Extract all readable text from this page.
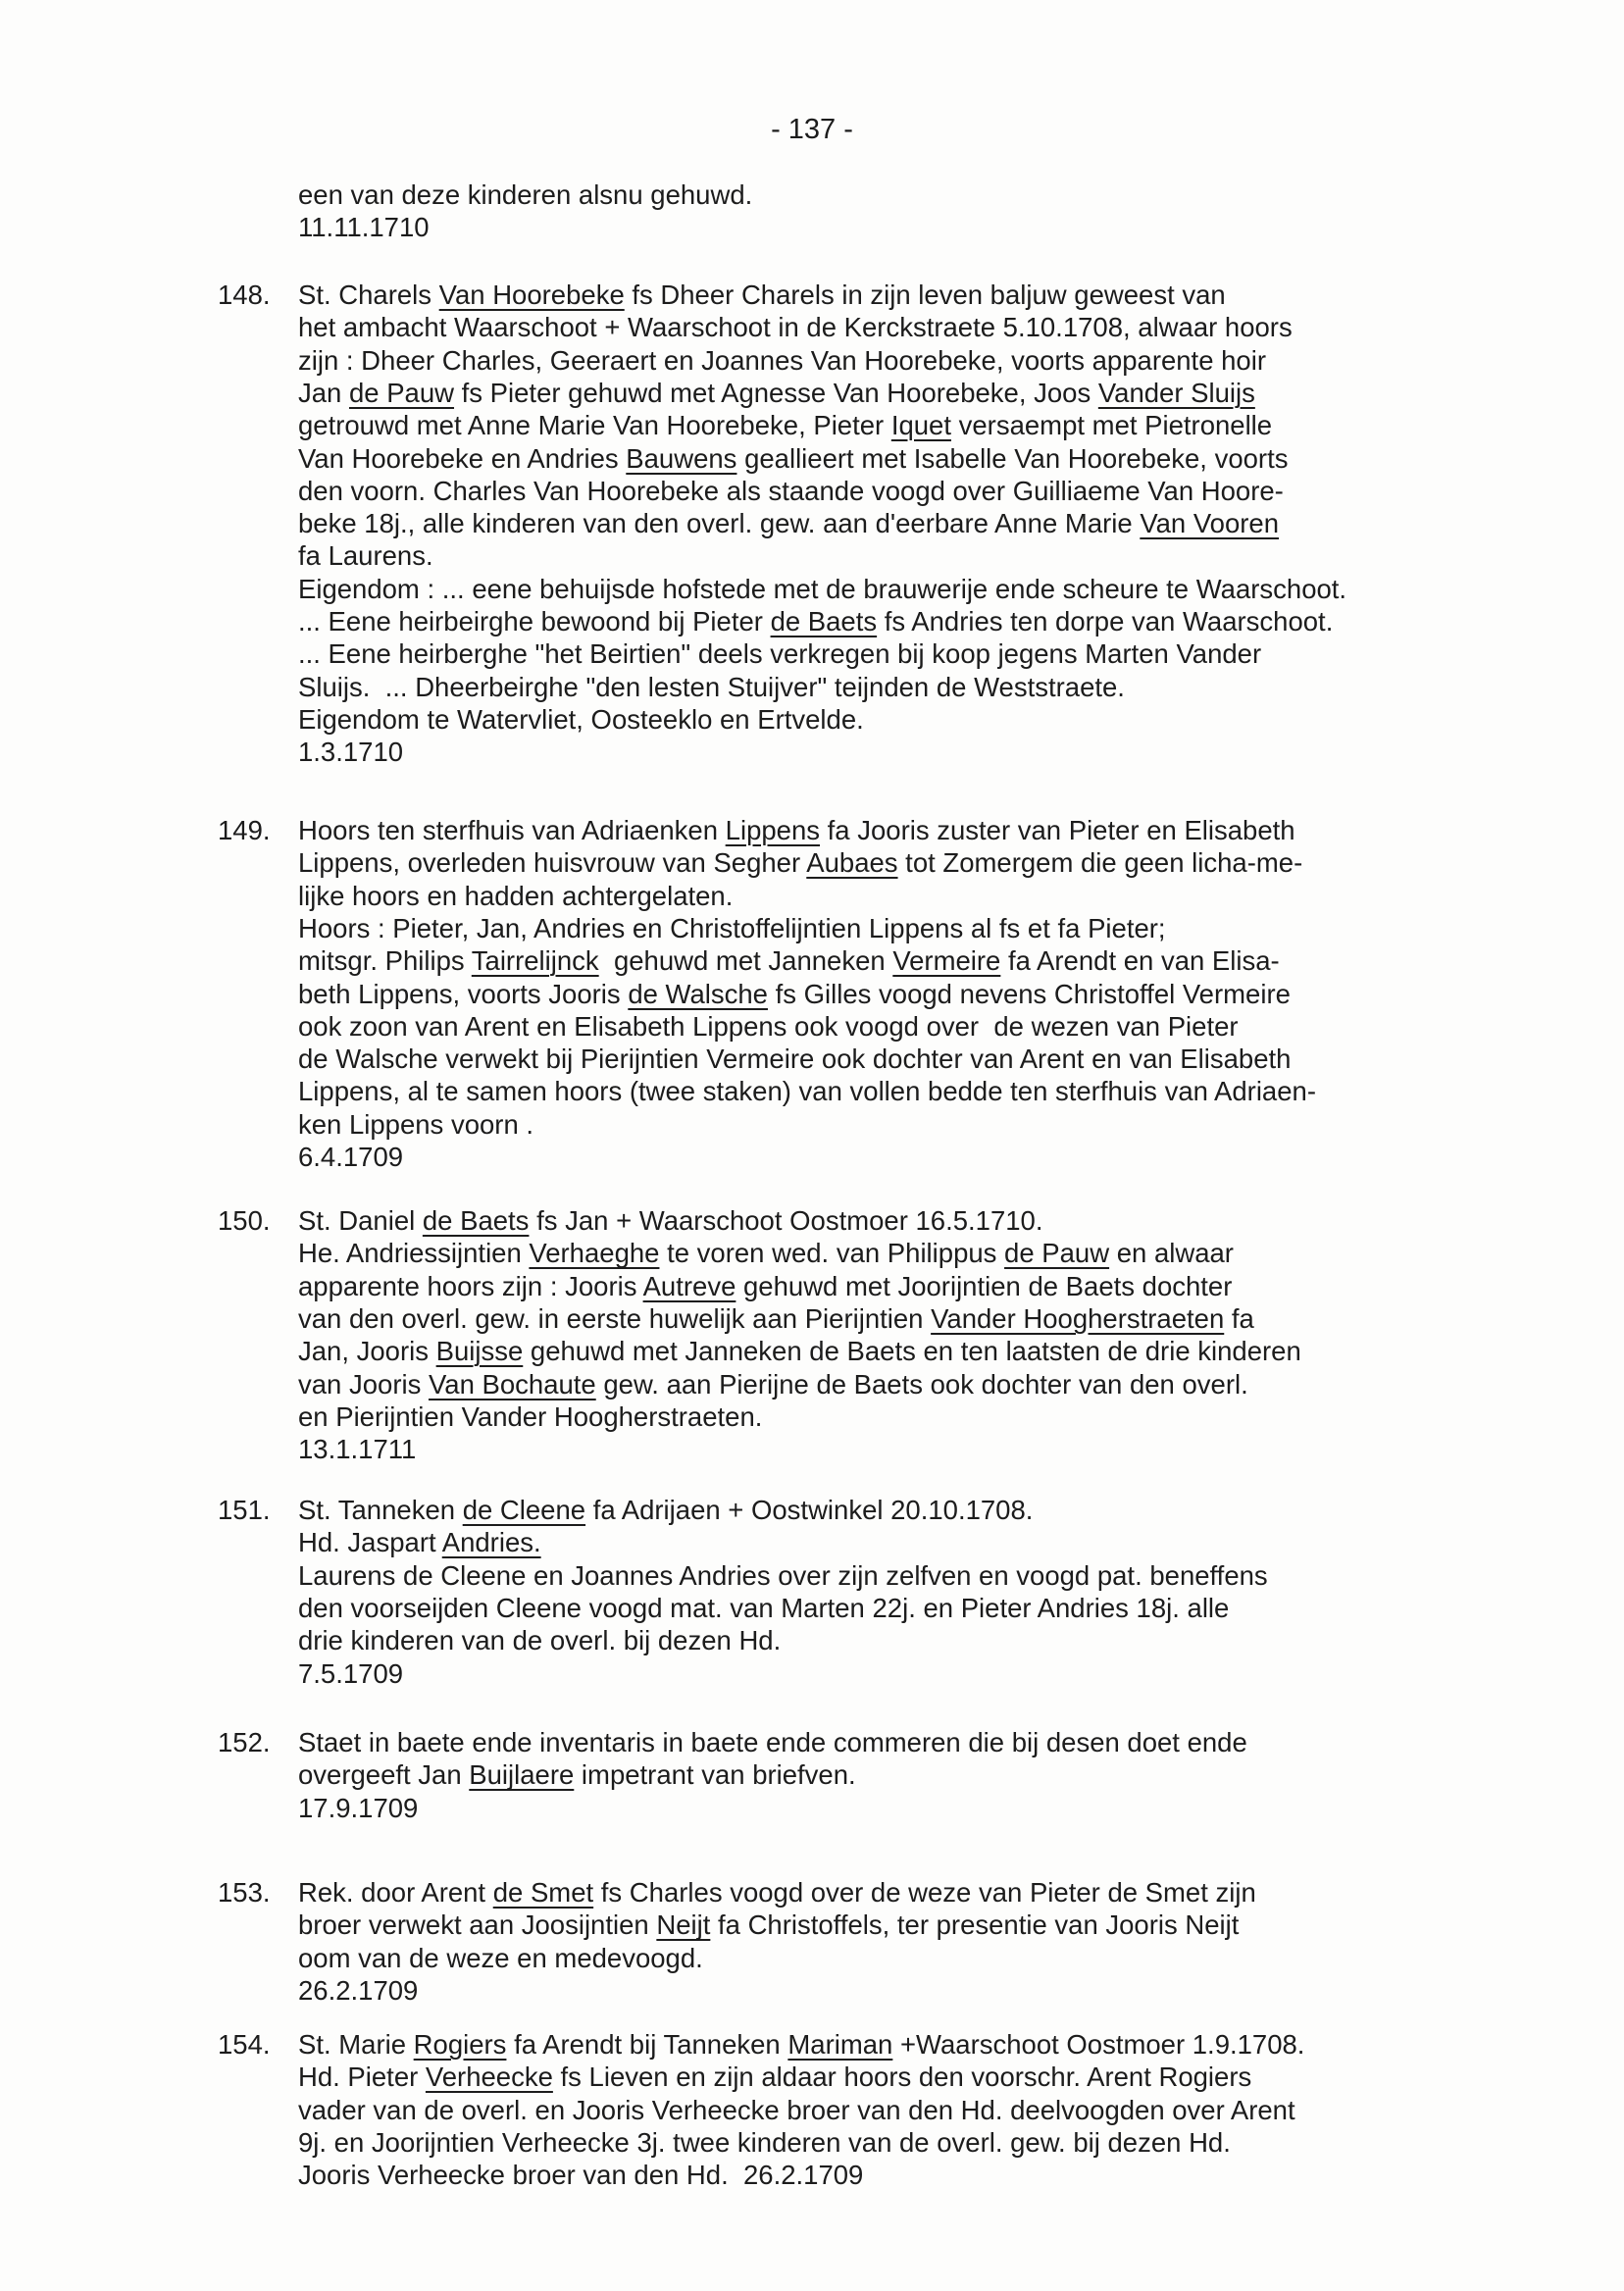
- 137 -
een van deze kinderen alsnu gehuwd.
11.11.1710
148. St. Charels Van Hoorebeke fs Dheer Charels in zijn leven baljuw geweest van
het ambacht Waarschoot + Waarschoot in de Kerckstraete 5.10.1708, alwaar hoors
zijn : Dheer Charles, Geeraert en Joannes Van Hoorebeke, voorts apparente hoir
Jan de Pauw fs Pieter gehuwd met Agnesse Van Hoorebeke, Joos Vander Sluijs
getrouwd met Anne Marie Van Hoorebeke, Pieter Iquet versaempt met Pietronelle
Van Hoorebeke en Andries Bauwens geallieert met Isabelle Van Hoorebeke, voorts
den voorn. Charles Van Hoorebeke als staande voogd over Guilliaeme Van Hoore-
beke 18j., alle kinderen van den overl. gew. aan d'eerbare Anne Marie Van Vooren
fa Laurens.
Eigendom : ... eene behuijsde hofstede met de brauwerije ende scheure te Waarschoot.
... Eene heirbeirghe bewoond bij Pieter de Baets fs Andries ten dorpe van Waarschoot.
... Eene heirberghe "het Beirtien" deels verkregen bij koop jegens Marten Vander
Sluijs.  ... Dheerbeirghe "den lesten Stuijver" teijnden de Weststraete.
Eigendom te Watervliet, Oosteeklo en Ertvelde.
1.3.1710
149. Hoors ten sterfhuis van Adriaenken Lippens fa Jooris zuster van Pieter en Elisabeth
Lippens, overleden huisvrouw van Segher Aubaes tot Zomergem die geen licha-me-
lijke hoors en hadden achtergelaten.
Hoors : Pieter, Jan, Andries en Christoffelijntien Lippens al fs et fa Pieter;
mitsgr. Philips Tairrelijnck  gehuwd met Janneken Vermeire fa Arendt en van Elisa-
beth Lippens, voorts Jooris de Walsche fs Gilles voogd nevens Christoffel Vermeire
ook zoon van Arent en Elisabeth Lippens ook voogd over  de wezen van Pieter
de Walsche verwekt bij Pierijntien Vermeire ook dochter van Arent en van Elisabeth
Lippens, al te samen hoors (twee staken) van vollen bedde ten sterfhuis van Adriaen-
ken Lippens voorn .
6.4.1709
150. St. Daniel de Baets fs Jan + Waarschoot Oostmoer 16.5.1710.
He. Andriessijntien Verhaeghe te voren wed. van Philippus de Pauw en alwaar
apparente hoors zijn : Jooris Autreve gehuwd met Joorijntien de Baets dochter
van den overl. gew. in eerste huwelijk aan Pierijntien Vander Hoogherstraeten fa
Jan, Jooris Buijsse gehuwd met Janneken de Baets en ten laatsten de drie kinderen
van Jooris Van Bochaute gew. aan Pierijne de Baets ook dochter van den overl.
en Pierijntien Vander Hoogherstraeten.
13.1.1711
151. St. Tanneken de Cleene fa Adrijaen + Oostwinkel 20.10.1708.
Hd. Jaspart Andries.
Laurens de Cleene en Joannes Andries over zijn zelfven en voogd pat. beneffens
den voorseijden Cleene voogd mat. van Marten 22j. en Pieter Andries 18j. alle
drie kinderen van de overl. bij dezen Hd.
7.5.1709
152. Staet in baete ende inventaris in baete ende commeren die bij desen doet ende
overgeeft Jan Buijlaere impetrant van briefven.
17.9.1709
153. Rek. door Arent de Smet fs Charles voogd over de weze van Pieter de Smet zijn
broer verwekt aan Joosijntien Neijt fa Christoffels, ter presentie van Jooris Neijt
oom van de weze en medevoogd.
26.2.1709
154. St. Marie Rogiers fa Arendt bij Tanneken Mariman +Waarschoot Oostmoer 1.9.1708.
Hd. Pieter Verheecke fs Lieven en zijn aldaar hoors den voorschr. Arent Rogiers
vader van de overl. en Jooris Verheecke broer van den Hd. deelvoogden over Arent
9j. en Joorijntien Verheecke 3j. twee kinderen van de overl. gew. bij dezen Hd.
Jooris Verheecke broer van den Hd.  26.2.1709
